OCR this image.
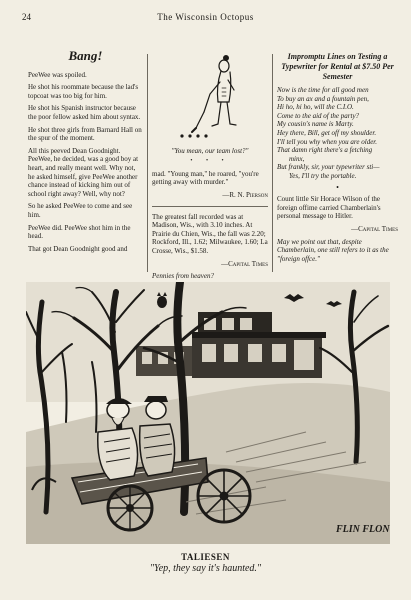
24	The Wisconsin Octopus
Bang!

PeeWee was spoiled.

He shot his roommate because the lad's topcoat was too big for him.

He shot his Spanish instructor because the poor fellow asked him about syntax.

He shot three girls from Barnard Hall on the spur of the moment.

All this peeved Dean Goodnight. PeeWee, he decided, was a good boy at heart, and really meant well. Why not, he asked himself, give PeeWee another chance instead of kicking him out of school right away? Well, why not?

So he asked PeeWee to come and see him.

PeeWee did. PeeWee shot him in the head.

That got Dean Goodnight good and

"You mean, our team lost?"
• • •

mad. "Young man," he roared, "you're getting away with murder."

—R. N. Pierson

The greatest fall recorded was at Madison, Wis., with 3.10 inches. At Prairie du Chien, Wis., the fall was 2.20; Rockford, Ill., 1.62; Milwaukee, 1.60; La Crosse, Wis., $1.58.

—Capital Times

Pennies from heaven?

Impromptu Lines on Testing a Typewriter for Rental at $7.50 Per Semester
Now is the time for all good men
To buy an ax and a fountain pen,
Hi ho, hi ho, will the C.I.O.
Come to the aid of the party?
My cousin's name is Marty.
Hey there, Bill, get off my shoulder.
I'll tell you why when you are older.
That damn right there's a fetching
minx,
But frankly, sir, your typewriter sti—
Yes, I'll try the portable.
•

Count little Sir Horace Wilson of the foreign offime carried Chamberlain's personal message to Hitler.

—Capital Times

May we point out that, despite Chamberlain, one still refers to it as the "foreign offce."

FLIN FLON
TALIESEN
"Yep, they say it's haunted."
